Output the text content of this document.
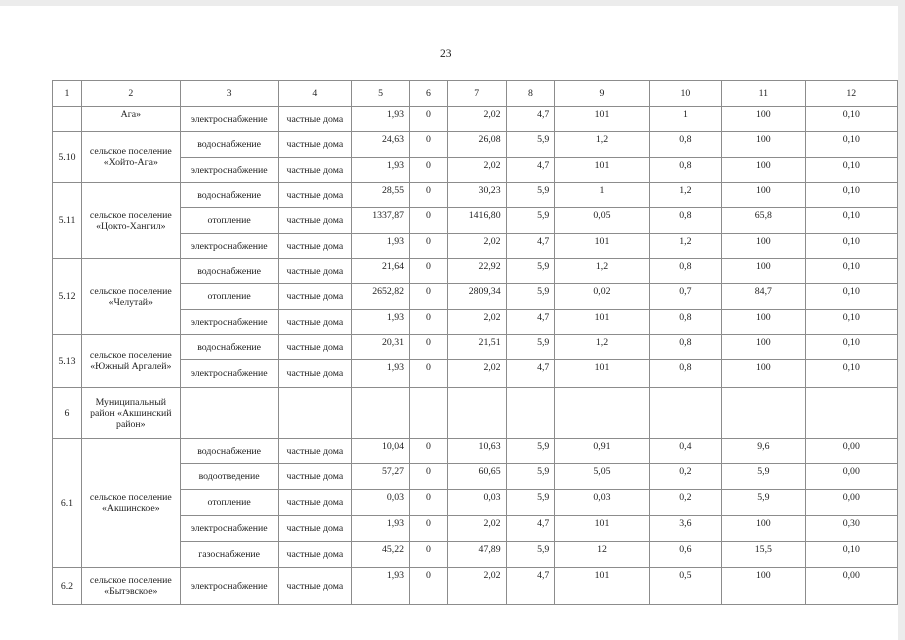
23
1	2	3	4	5	6	7	8	9	10	11	12
	Ага»	электроснабжение	частные дома	1,93	0	2,02	4,7	101	1	100	0,10
5.10	сельское поселение «Хойто-Ага»	водоснабжение	частные дома	24,63	0	26,08	5,9	1,2	0,8	100	0,10
		электроснабжение	частные дома	1,93	0	2,02	4,7	101	0,8	100	0,10
5.11	сельское поселение «Цокто-Хангил»	водоснабжение	частные дома	28,55	0	30,23	5,9	1	1,2	100	0,10
		отопление	частные дома	1337,87	0	1416,80	5,9	0,05	0,8	65,8	0,10
		электроснабжение	частные дома	1,93	0	2,02	4,7	101	1,2	100	0,10
5.12	сельское поселение «Челутай»	водоснабжение	частные дома	21,64	0	22,92	5,9	1,2	0,8	100	0,10
		отопление	частные дома	2652,82	0	2809,34	5,9	0,02	0,7	84,7	0,10
		электроснабжение	частные дома	1,93	0	2,02	4,7	101	0,8	100	0,10
5.13	сельское поселение «Южный Аргалей»	водоснабжение	частные дома	20,31	0	21,51	5,9	1,2	0,8	100	0,10
		электроснабжение	частные дома	1,93	0	2,02	4,7	101	0,8	100	0,10
6	Муниципальный район «Акшинский район»										
6.1	сельское поселение «Акшинское»	водоснабжение	частные дома	10,04	0	10,63	5,9	0,91	0,4	9,6	0,00
		водоотведение	частные дома	57,27	0	60,65	5,9	5,05	0,2	5,9	0,00
		отопление	частные дома	0,03	0	0,03	5,9	0,03	0,2	5,9	0,00
		электроснабжение	частные дома	1,93	0	2,02	4,7	101	3,6	100	0,30
		газоснабжение	частные дома	45,22	0	47,89	5,9	12	0,6	15,5	0,10
6.2	сельское поселение «Бытэвское»	электроснабжение	частные дома	1,93	0	2,02	4,7	101	0,5	100	0,00
